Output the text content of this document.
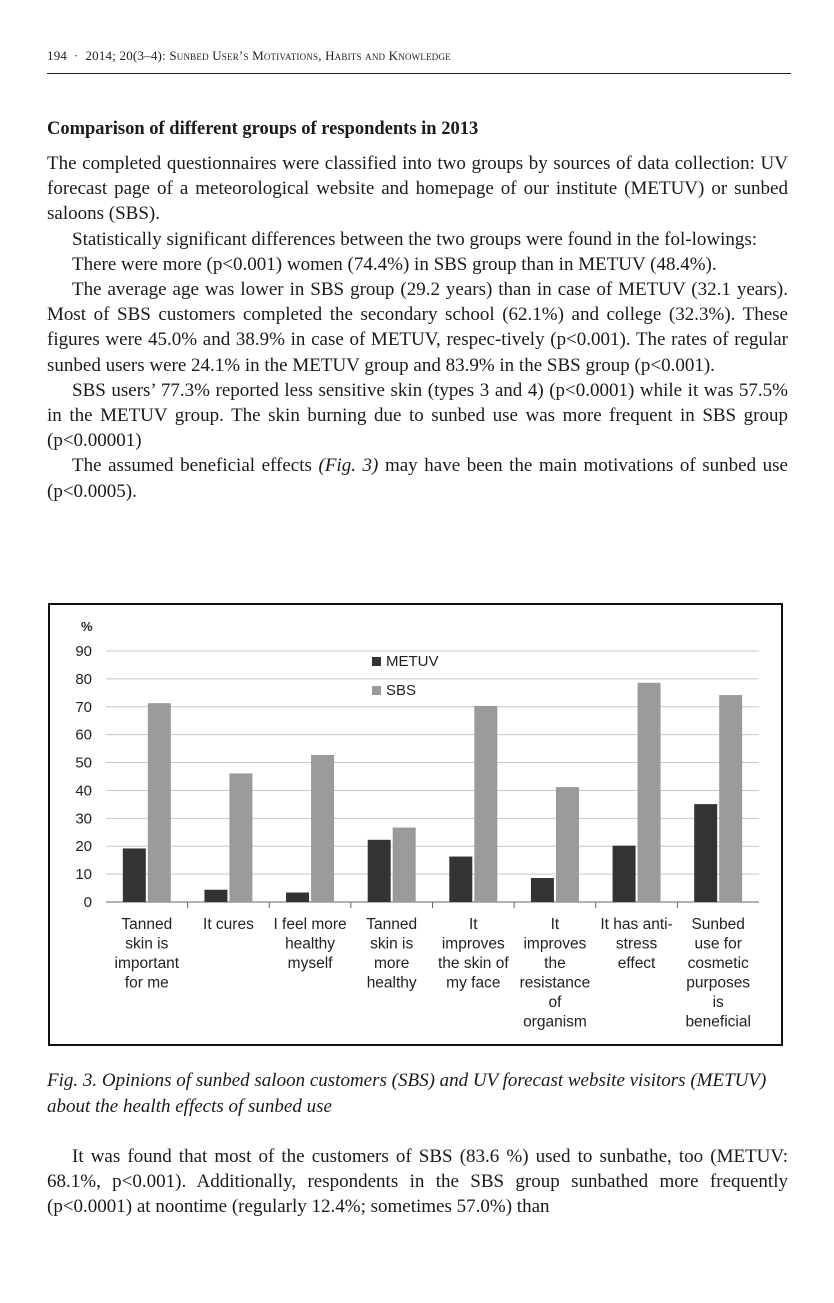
194 · 2014; 20(3–4): Sunbed User’s Motivations, Habits and Knowledge
Comparison of different groups of respondents in 2013

The completed questionnaires were classified into two groups by sources of data collection: UV forecast page of a meteorological website and homepage of our institute (METUV) or sunbed saloons (SBS).

Statistically significant differences between the two groups were found in the fol-lowings:

There were more (p<0.001) women (74.4%) in SBS group than in METUV (48.4%).

The average age was lower in SBS group (29.2 years) than in case of METUV (32.1 years). Most of SBS customers completed the secondary school (62.1%) and college (32.3%). These figures were 45.0% and 38.9% in case of METUV, respec-tively (p<0.001). The rates of regular sunbed users were 24.1% in the METUV group and 83.9% in the SBS group (p<0.001).

SBS users’ 77.3% reported less sensitive skin (types 3 and 4) (p<0.0001) while it was 57.5% in the METUV group. The skin burning due to sunbed use was more frequent in SBS group (p<0.00001)

The assumed beneficial effects (Fig. 3) may have been the main motivations of sunbed use (p<0.0005).

0
10
20
30
40
50
60
70
80
90
%
Tanned
skin is
important
for me
It cures I feel more
healthy
myself
Tanned
skin is
more
healthy
It
improves
the skin of
my face
It
improves
the
resistance
of
organism
It has anti-
stress
effect
Sunbed
use for
cosmetic
purposes
is
beneficial
METUV
SBS
Fig. 3. Opinions of sunbed saloon customers (SBS) and UV forecast website visitors (METUV) about the health effects of sunbed use

It was found that most of the customers of SBS (83.6 %) used to sunbathe, too (METUV: 68.1%, p<0.001). Additionally, respondents in the SBS group sunbathed more frequently (p<0.0001) at noontime (regularly 12.4%; sometimes 57.0%) than
